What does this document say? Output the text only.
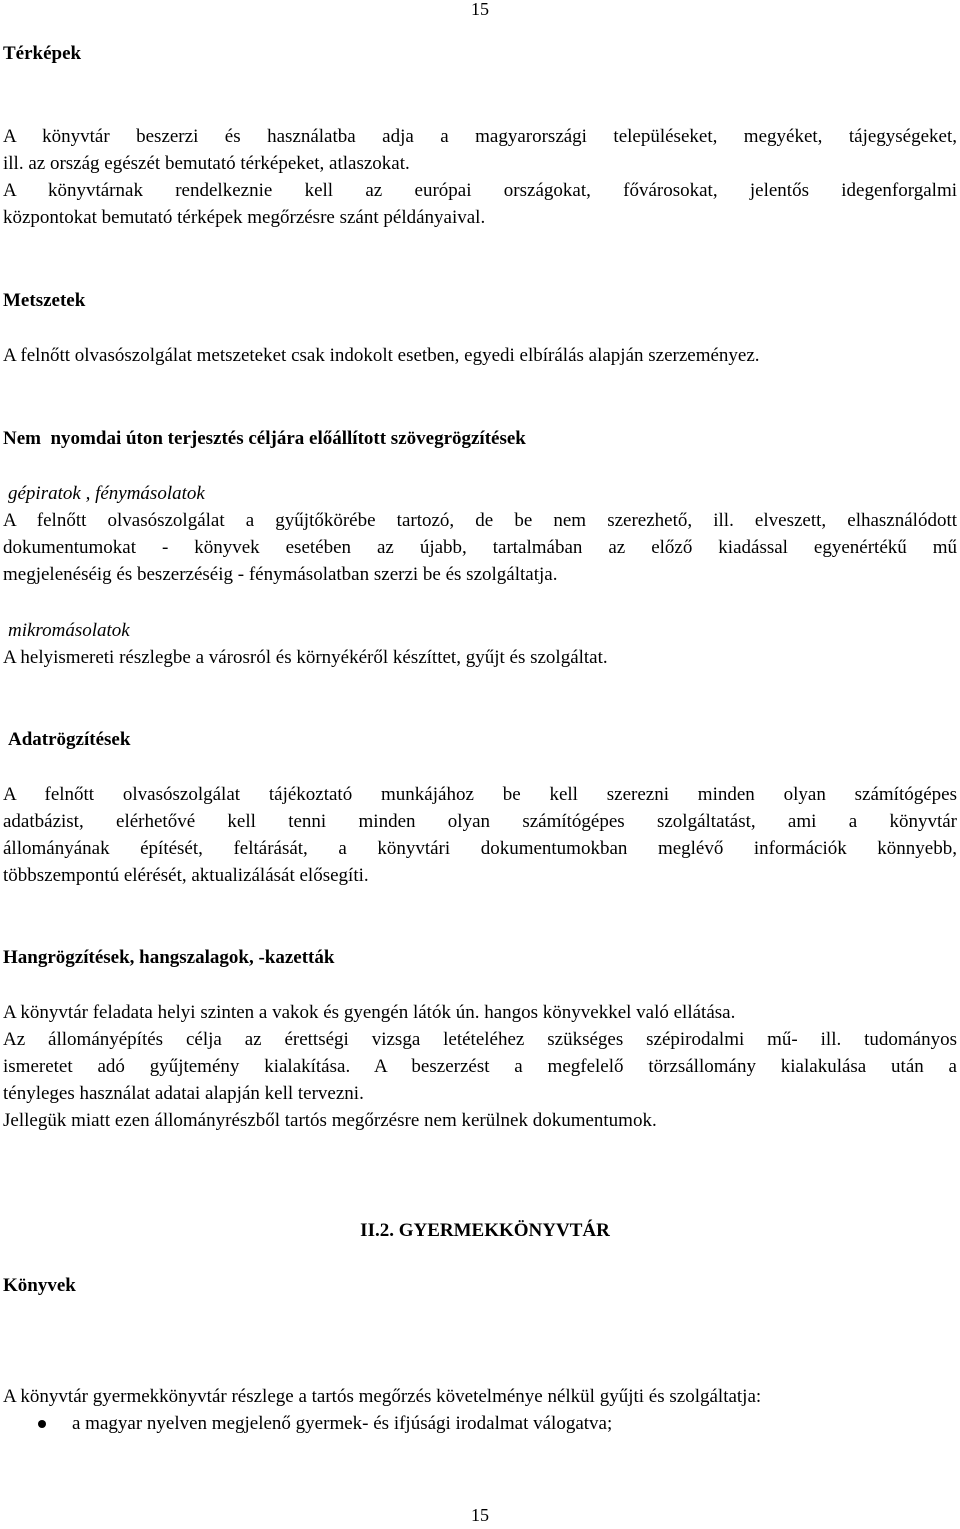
15
Térképek
A könyvtár beszerzi és használatba adja a magyarországi településeket, megyéket, tájegységeket,
ill. az ország egészét bemutató térképeket, atlaszokat.
A könyvtárnak rendelkeznie kell az európai országokat, fővárosokat, jelentős idegenforgalmi
központokat bemutató térképek megőrzésre szánt példányaival.
Metszetek
A felnőtt olvasószolgálat metszeteket csak indokolt esetben, egyedi elbírálás alapján szerzeményez.
Nem  nyomdai úton terjesztés céljára előállított szövegrögzítések
gépiratok , fénymásolatok
A felnőtt olvasószolgálat a gyűjtőkörébe tartozó, de be nem szerezhető, ill. elveszett, elhasználódott
dokumentumokat - könyvek esetében az újabb, tartalmában az előző kiadással egyenértékű mű
megjelenéséig és beszerzéséig - fénymásolatban szerzi be és szolgáltatja.
mikromásolatok
A helyismereti részlegbe a városról és környékéről készíttet, gyűjt és szolgáltat.
Adatrögzítések
A felnőtt olvasószolgálat tájékoztató munkájához be kell szerezni minden olyan számítógépes
adatbázist, elérhetővé kell tenni minden olyan számítógépes szolgáltatást, ami a könyvtár
állományának építését, feltárását, a könyvtári dokumentumokban meglévő információk könnyebb,
többszempontú elérését, aktualizálását elősegíti.
Hangrögzítések, hangszalagok, -kazetták
A könyvtár feladata helyi szinten a vakok és gyengén látók ún. hangos könyvekkel való ellátása.
Az állományépítés célja az érettségi vizsga letételéhez szükséges szépirodalmi mű- ill. tudományos
ismeretet adó gyűjtemény kialakítása. A beszerzést a megfelelő törzsállomány kialakulása után a
tényleges használat adatai alapján kell tervezni.
Jellegük miatt ezen állományrészből tartós megőrzésre nem kerülnek dokumentumok.
II.2. GYERMEKKÖNYVTÁR
Könyvek
A könyvtár gyermekkönyvtár részlege a tartós megőrzés követelménye nélkül gyűjti és szolgáltatja:
a magyar nyelven megjelenő gyermek- és ifjúsági irodalmat válogatva;
15
